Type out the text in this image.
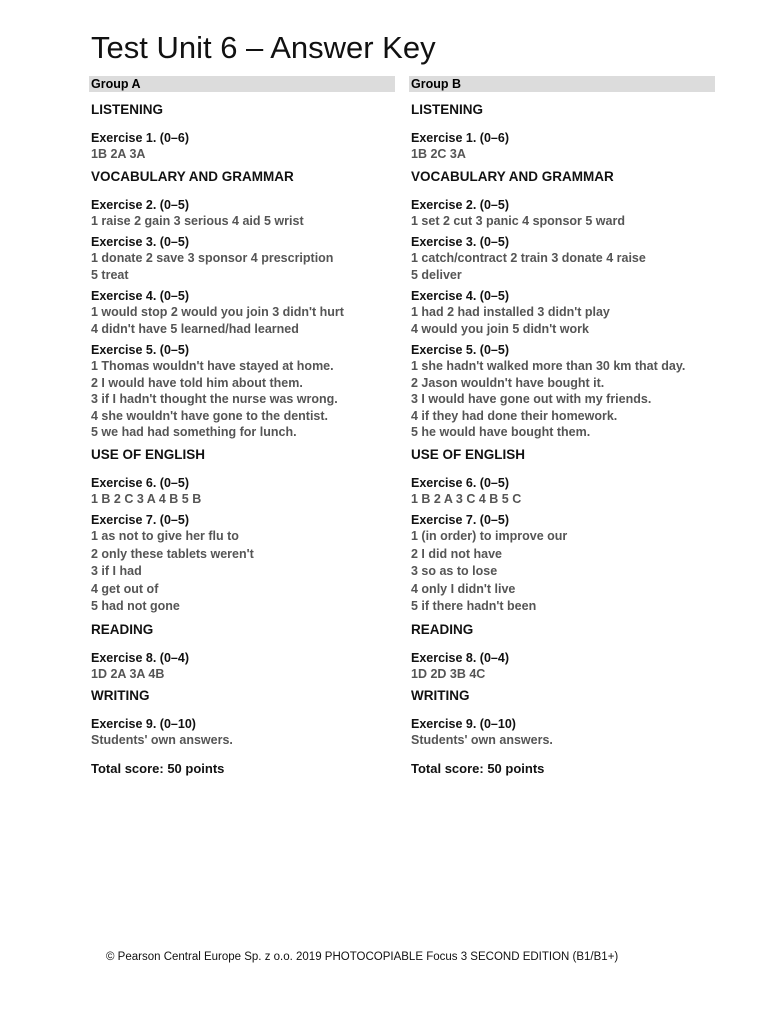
Test Unit 6 – Answer Key
Group A
LISTENING
Exercise 1. (0–6)
1B 2A 3A
VOCABULARY AND GRAMMAR
Exercise 2. (0–5)
1 raise 2 gain 3 serious 4 aid 5 wrist
Exercise 3. (0–5)
1 donate 2 save 3 sponsor 4 prescription
5 treat
Exercise 4. (0–5)
1 would stop 2 would you join 3 didn't hurt
4 didn't have 5 learned/had learned
Exercise 5. (0–5)
1 Thomas wouldn't have stayed at home.
2 I would have told him about them.
3 if I hadn't thought the nurse was wrong.
4 she wouldn't have gone to the dentist.
5 we had had something for lunch.
USE OF ENGLISH
Exercise 6. (0–5)
1 B 2 C 3 A 4 B 5 B
Exercise 7. (0–5)
1 as not to give her flu to
2 only these tablets weren't
3 if I had
4 get out of
5 had not gone
READING
Exercise 8. (0–4)
1D 2A 3A 4B
WRITING
Exercise 9. (0–10)
Students' own answers.
Total score: 50 points
Group B
LISTENING
Exercise 1. (0–6)
1B 2C 3A
VOCABULARY AND GRAMMAR
Exercise 2. (0–5)
1 set 2 cut 3 panic 4 sponsor 5 ward
Exercise 3. (0–5)
1 catch/contract 2 train 3 donate 4 raise
5 deliver
Exercise 4. (0–5)
1 had 2 had installed 3 didn't play
4 would you join 5 didn't work
Exercise 5. (0–5)
1 she hadn't walked more than 30 km that day.
2 Jason wouldn't have bought it.
3 I would have gone out with my friends.
4 if they had done their homework.
5 he would have bought them.
USE OF ENGLISH
Exercise 6. (0–5)
1 B 2 A 3 C 4 B 5 C
Exercise 7. (0–5)
1 (in order) to improve our
2 I did not have
3 so as to lose
4 only I didn't live
5 if there hadn't been
READING
Exercise 8. (0–4)
1D 2D 3B 4C
WRITING
Exercise 9. (0–10)
Students' own answers.
Total score: 50 points
© Pearson Central Europe Sp. z o.o. 2019 PHOTOCOPIABLE Focus 3 SECOND EDITION (B1/B1+)
